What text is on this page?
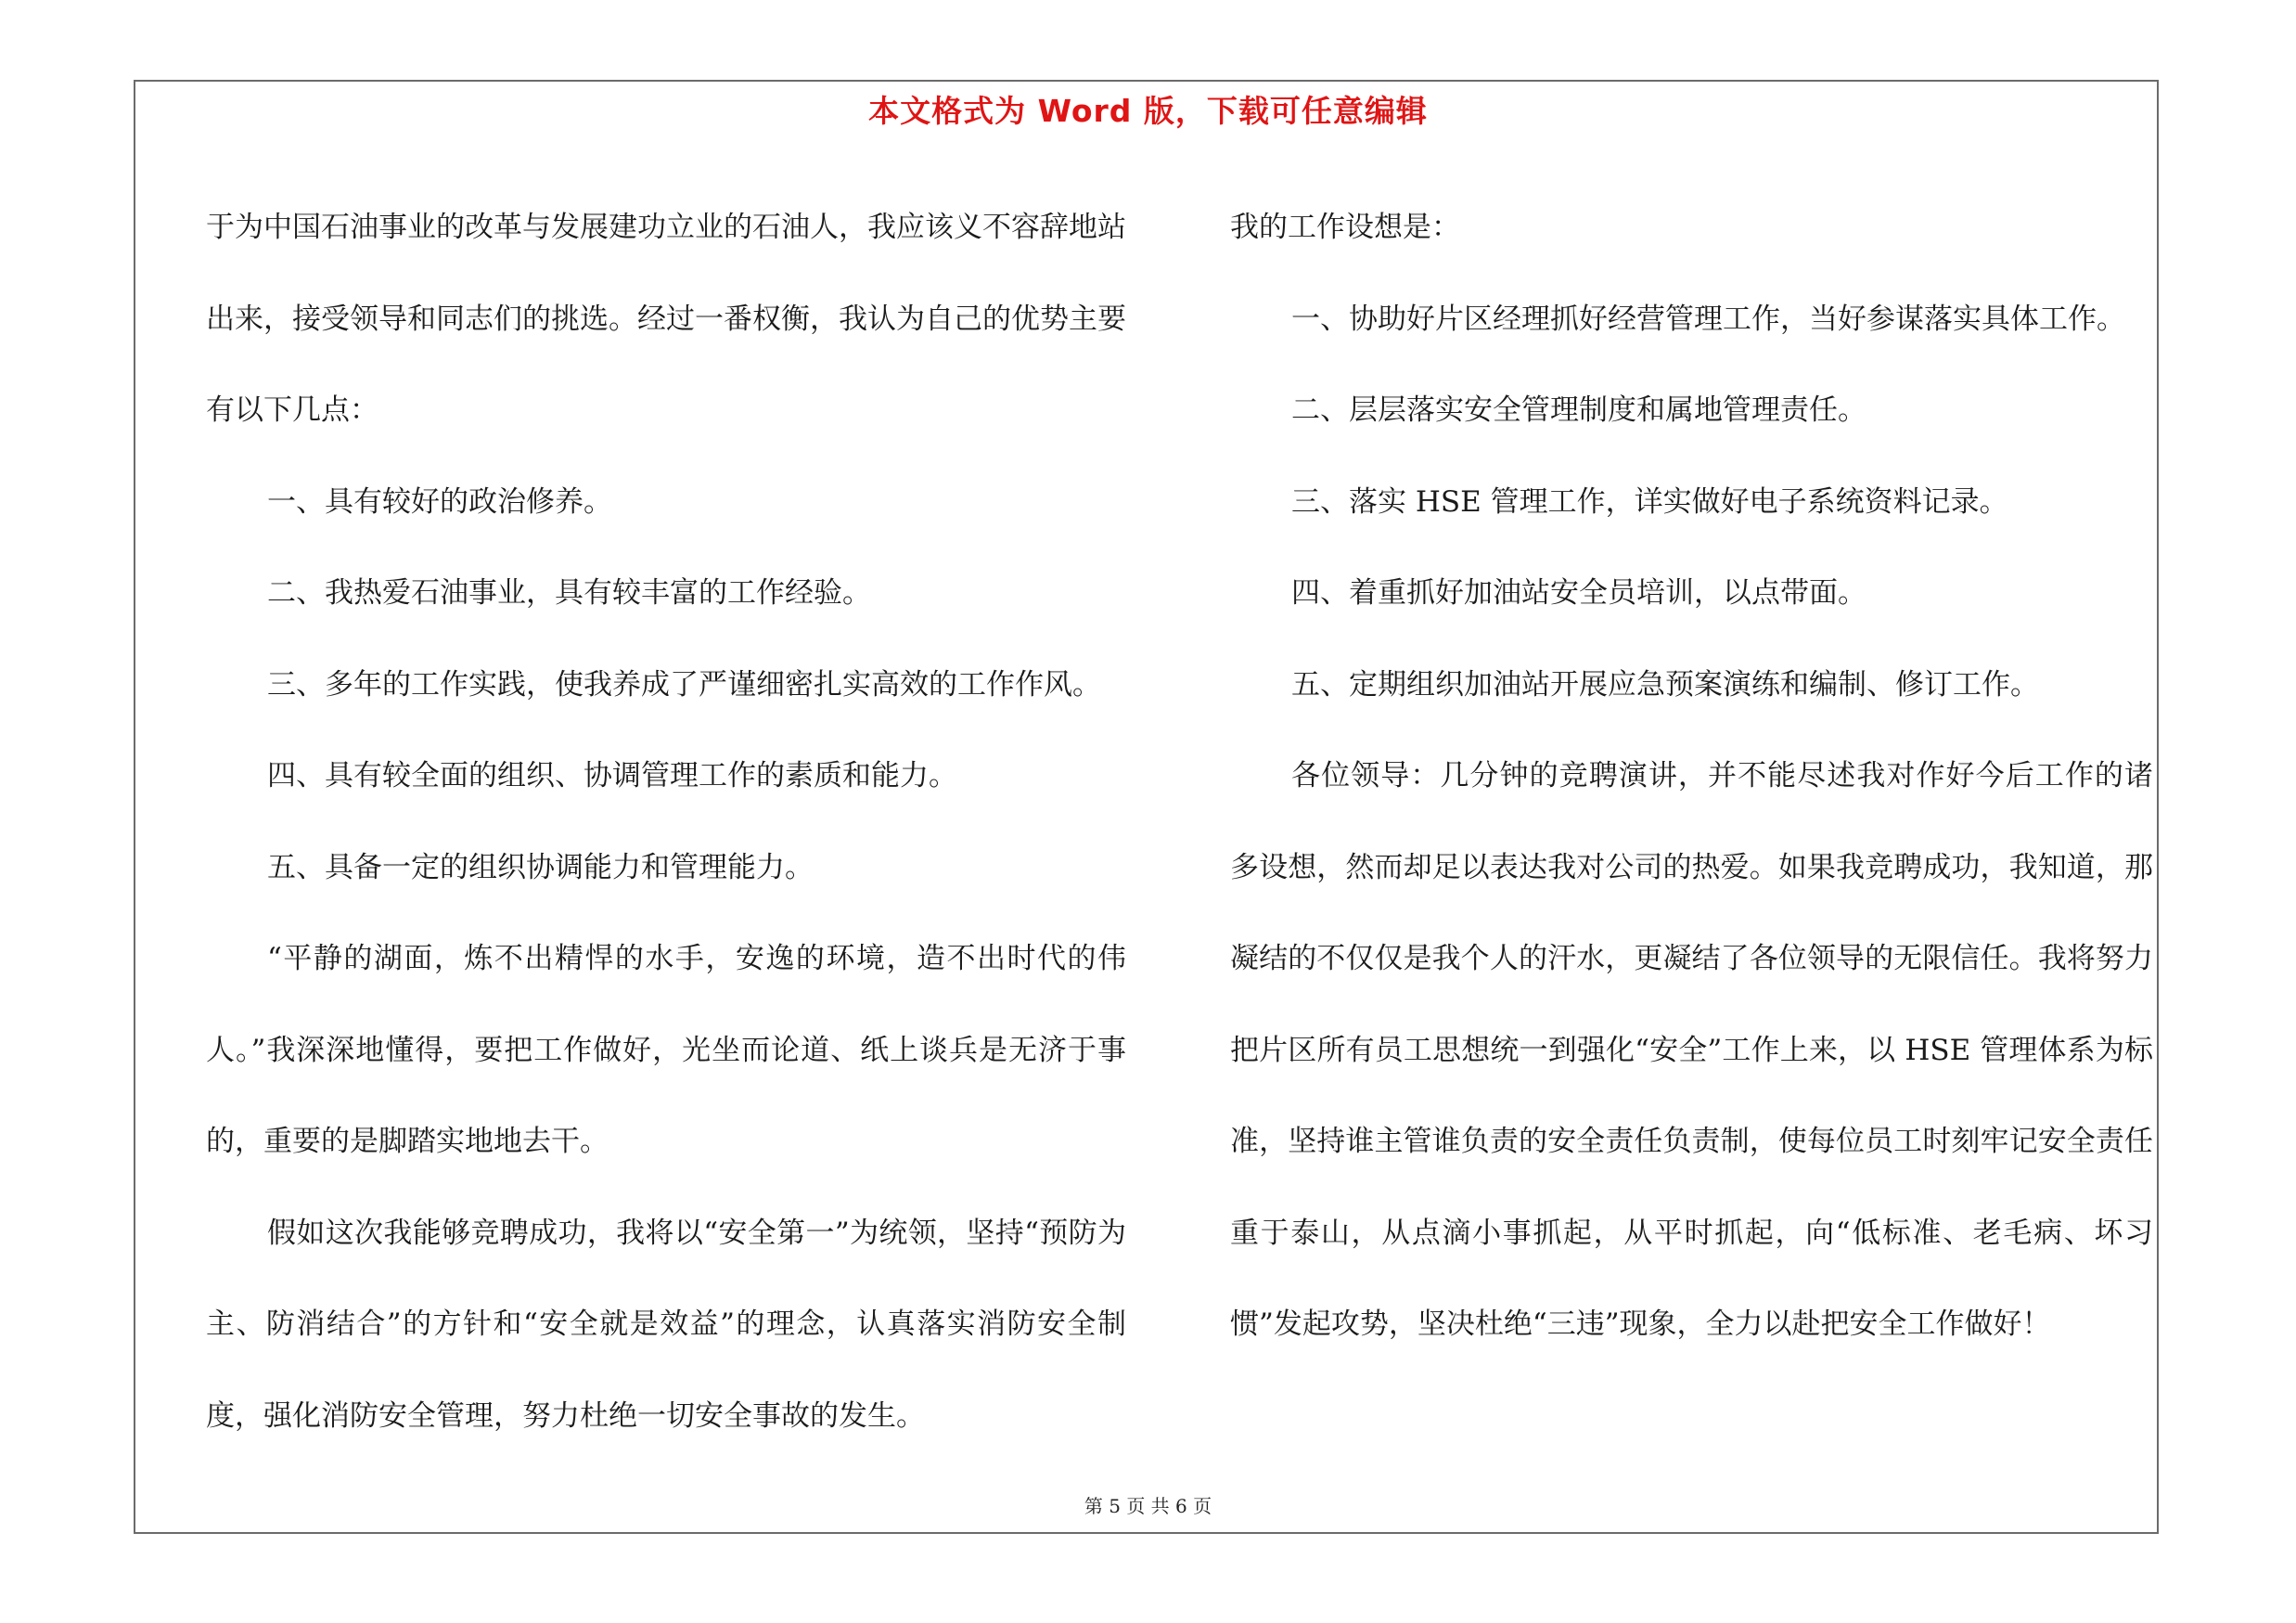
本文格式为 Word 版，下载可任意编辑

于为中国石油事业的改革与发展建功立业的石油人，我应该义不容辞地站出来，接受领导和同志们的挑选。经过一番权衡，我认为自己的优势主要有以下几点：

一、具有较好的政治修养。

二、我热爱石油事业，具有较丰富的工作经验。

三、多年的工作实践，使我养成了严谨细密扎实高效的工作作风。

四、具有较全面的组织、协调管理工作的素质和能力。

五、具备一定的组织协调能力和管理能力。

“平静的湖面，炼不出精悍的水手，安逸的环境，造不出时代的伟人。”我深深地懂得，要把工作做好，光坐而论道、纸上谈兵是无济于事的，重要的是脚踏实地地去干。

假如这次我能够竞聘成功，我将以“安全第一”为统领，坚持“预防为主、防消结合”的方针和“安全就是效益”的理念，认真落实消防安全制度，强化消防安全管理，努力杜绝一切安全事故的发生。

我的工作设想是：

一、协助好片区经理抓好经营管理工作，当好参谋落实具体工作。

二、层层落实安全管理制度和属地管理责任。

三、落实 HSE 管理工作，详实做好电子系统资料记录。

四、着重抓好加油站安全员培训，以点带面。

五、定期组织加油站开展应急预案演练和编制、修订工作。

各位领导：几分钟的竞聘演讲，并不能尽述我对作好今后工作的诸多设想，然而却足以表达我对公司的热爱。如果我竞聘成功，我知道，那凝结的不仅仅是我个人的汗水，更凝结了各位领导的无限信任。我将努力把片区所有员工思想统一到强化“安全”工作上来，以 HSE 管理体系为标准，坚持谁主管谁负责的安全责任负责制，使每位员工时刻牢记安全责任重于泰山，从点滴小事抓起，从平时抓起，向“低标准、老毛病、坏习惯”发起攻势，坚决杜绝“三违”现象，全力以赴把安全工作做好！

第 5 页 共 6 页
